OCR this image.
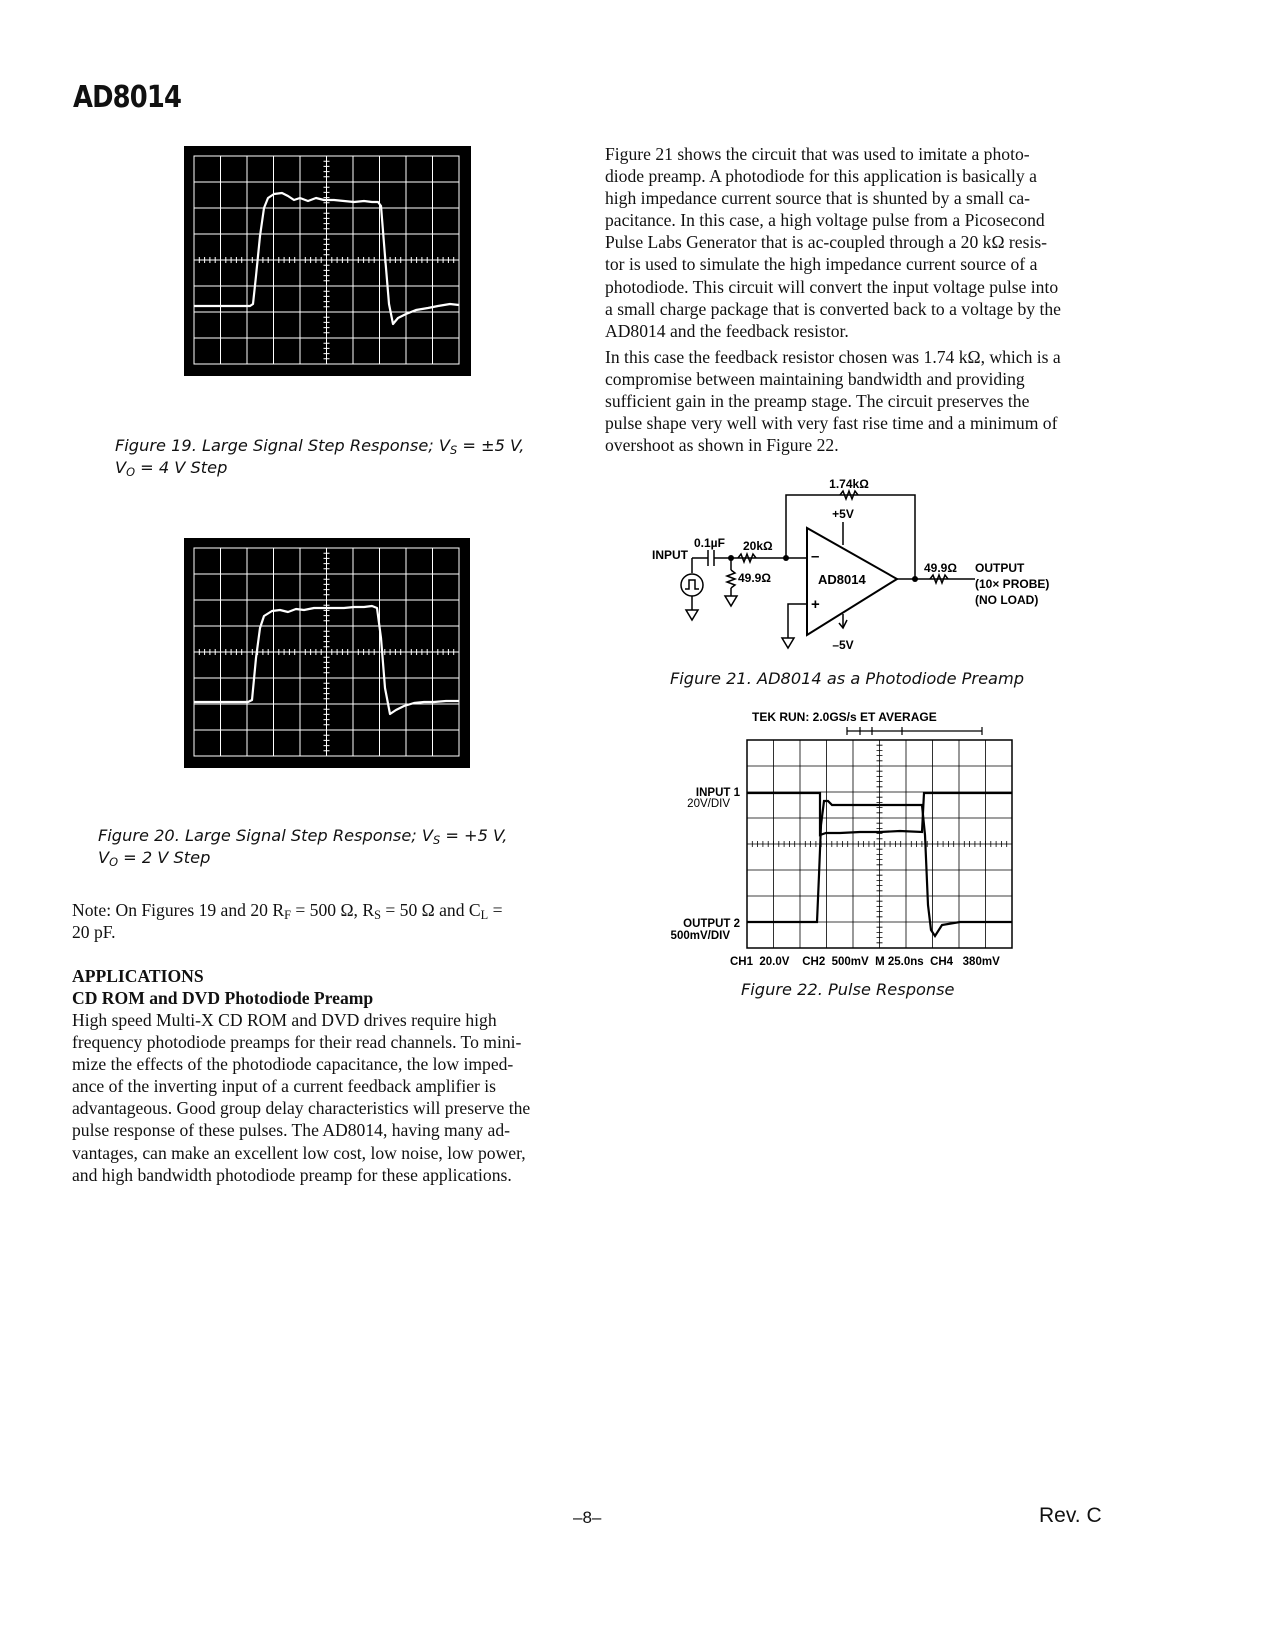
AD8014
Figure 19. Large Signal Step Response; $V_S = \pm 5$ V,
$V_O = 4$ V Step
Figure 20. Large Signal Step Response; $V_S = +5$ V,
$V_O = 2$ V Step
Note: On Figures 19 and 20 $R_F = 500$ Ω, $R_S = 50$ Ω and $C_L$ =
20 pF.
APPLICATIONS
CD ROM and DVD Photodiode Preamp
High speed Multi-X CD ROM and DVD drives require high
frequency photodiode preamps for their read channels. To mini-
mize the effects of the photodiode capacitance, the low imped-
ance of the inverting input of a current feedback amplifier is
advantageous. Good group delay characteristics will preserve the
pulse response of these pulses. The AD8014, having many ad-
vantages, can make an excellent low cost, low noise, low power,
and high bandwidth photodiode preamp for these applications.
Figure 21 shows the circuit that was used to imitate a photo-
diode preamp. A photodiode for this application is basically a
high impedance current source that is shunted by a small ca-
pacitance. In this case, a high voltage pulse from a Picosecond
Pulse Labs Generator that is ac-coupled through a 20 kΩ resis-
tor is used to simulate the high impedance current source of a
photodiode. This circuit will convert the input voltage pulse into
a small charge package that is converted back to a voltage by the
AD8014 and the feedback resistor.
In this case the feedback resistor chosen was 1.74 kΩ, which is a
compromise between maintaining bandwidth and providing
sufficient gain in the preamp stage. The circuit preserves the
pulse shape very well with very fast rise time and a minimum of
overshoot as shown in Figure 22.
1.74kΩ
+5V
0.1µF 20kΩ
INPUT
49.9Ω	AD8014
–
+
49.9Ω OUTPUT
(10× PROBE)
(NO LOAD)
–5V
Figure 21. AD8014 as a Photodiode Preamp
TEK RUN: 2.0GS/s ET AVERAGE
INPUT 1
20V/DIV
OUTPUT 2
500mV/DIV
CH1  20.0V    CH2  500mV  M 25.0ns  CH4   380mV
Figure 22. Pulse Response
–8–	Rev. C
